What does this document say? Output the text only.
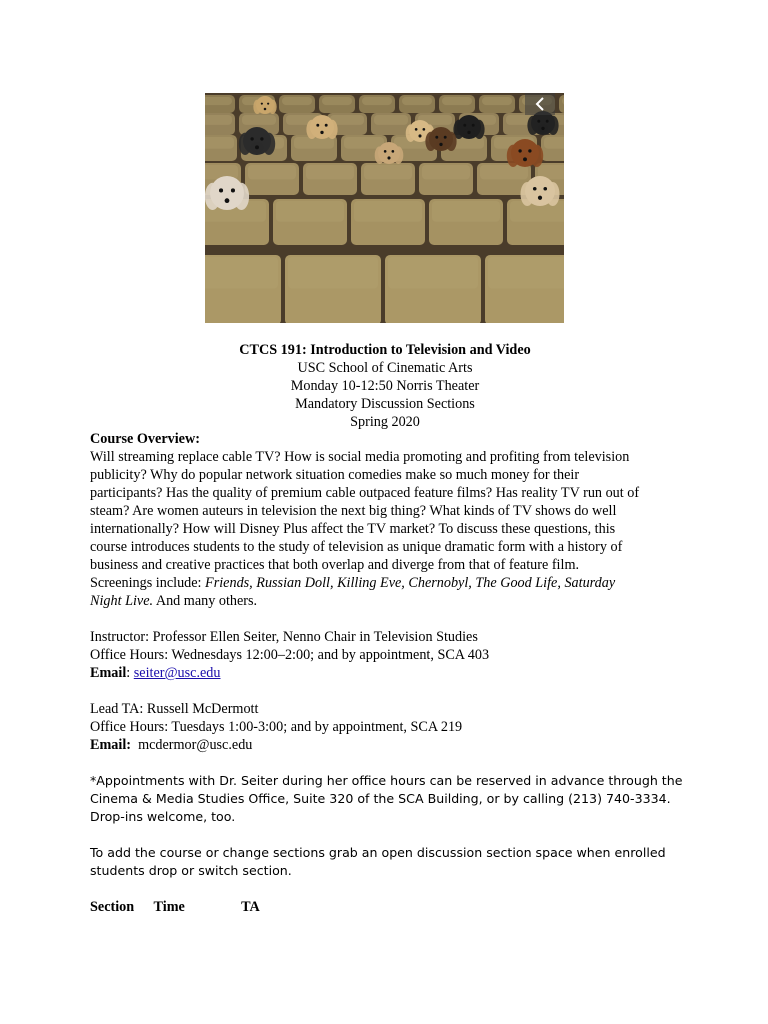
CTCS 191: Introduction to Television and Video
USC School of Cinematic Arts
Monday 10-12:50 Norris Theater
Mandatory Discussion Sections
Spring 2020
Course Overview:
Will streaming replace cable TV? How is social media promoting and profiting from television
publicity? Why do popular network situation comedies make so much money for their
participants? Has the quality of premium cable outpaced feature films? Has reality TV run out of
steam? Are women auteurs in television the next big thing? What kinds of TV shows do well
internationally? How will Disney Plus affect the TV market? To discuss these questions, this
course introduces students to the study of television as unique dramatic form with a history of
business and creative practices that both overlap and diverge from that of feature film.
Screenings include: Friends, Russian Doll, Killing Eve, Chernobyl, The Good Life, Saturday
Night Live. And many others.
Instructor: Professor Ellen Seiter, Nenno Chair in Television Studies
Office Hours: Wednesdays 12:00–2:00; and by appointment, SCA 403
Email: seiter@usc.edu
Lead TA: Russell McDermott
Office Hours: Tuesdays 1:00-3:00; and by appointment, SCA 219
Email: mcdermor@usc.edu
*Appointments with Dr. Seiter during her office hours can be reserved in advance through the
Cinema & Media Studies Office, Suite 320 of the SCA Building, or by calling (213) 740-3334.
Drop-ins welcome, too.
To add the course or change sections grab an open discussion section space when enrolled
students drop or switch section.
Section Time	TA
